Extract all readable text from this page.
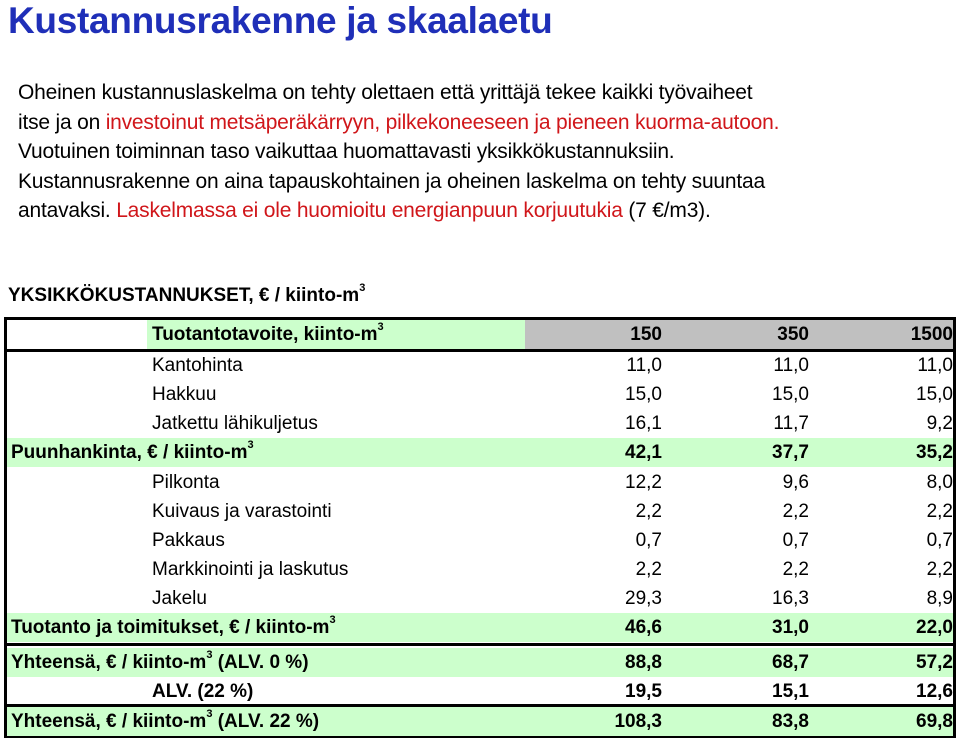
Kustannusrakenne ja skaalaetu

Oheinen kustannuslaskelma on tehty olettaen että yrittäjä tekee kaikki työvaiheet

itse ja on investoinut metsäperäkärryyn, pilkekoneeseen ja pieneen kuorma-autoon.

Vuotuinen toiminnan taso vaikuttaa huomattavasti yksikkökustannuksiin.

Kustannusrakenne on aina tapauskohtainen ja oheinen laskelma on tehty suuntaa

antavaksi. Laskelmassa ei ole huomioitu energianpuun korjuutukia (7 €/m3).

YKSIKKÖKUSTANNUKSET, € / kiinto-$m^3$
Tuotantotavoite, kiinto-$m^3$	150	350	1500
Kantohinta	11,0	11,0	11,0
Hakkuu	15,0	15,0	15,0
Jatkettu lähikuljetus	16,1	11,7	9,2
Puunhankinta, € / kiinto-$m^3$	42,1	37,7	35,2
Pilkonta	12,2	9,6	8,0
Kuivaus ja varastointi	2,2	2,2	2,2
Pakkaus	0,7	0,7	0,7
Markkinointi ja laskutus	2,2	2,2	2,2
Jakelu	29,3	16,3	8,9
Tuotanto ja toimitukset, € / kiinto-$m^3$	46,6	31,0	22,0
Yhteensä, € / kiinto-$m^3$ (ALV. 0 %)	88,8	68,7	57,2
ALV. (22 %)	19,5	15,1	12,6
Yhteensä, € / kiinto-$m^3$ (ALV. 22 %)	108,3	83,8	69,8
